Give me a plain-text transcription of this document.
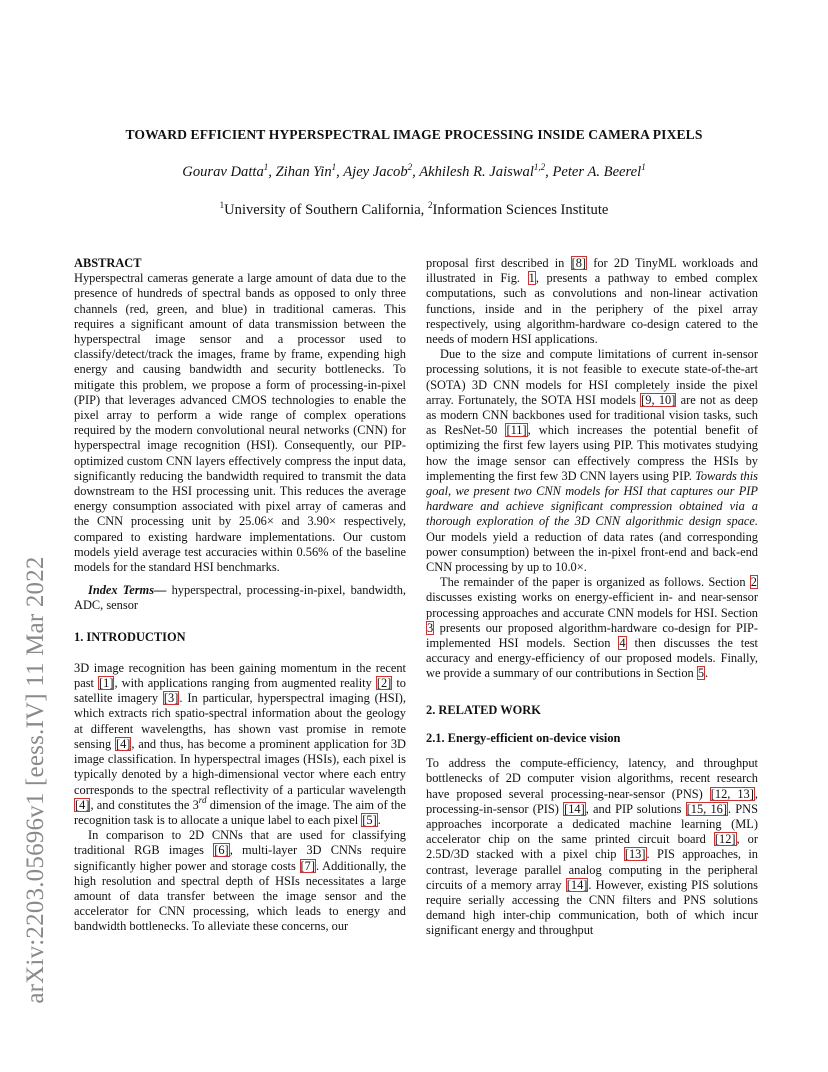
arXiv:2203.05696v1 [eess.IV] 11 Mar 2022
TOWARD EFFICIENT HYPERSPECTRAL IMAGE PROCESSING INSIDE CAMERA PIXELS
Gourav Datta$^1$, Zihan Yin$^1$, Ajey Jacob$^2$, Akhilesh R. Jaiswal$^{1,2}$, Peter A. Beerel$^1$
$^1$University of Southern California, $^2$Information Sciences Institute

ABSTRACT

Hyperspectral cameras generate a large amount of data due to the presence of hundreds of spectral bands as opposed to only three channels (red, green, and blue) in traditional cameras. This requires a significant amount of data transmission between the hyperspectral image sensor and a processor used to classify/detect/track the images, frame by frame, expending high energy and causing bandwidth and security bottlenecks. To mitigate this problem, we propose a form of processing-in-pixel (PIP) that leverages advanced CMOS technologies to enable the pixel array to perform a wide range of complex operations required by the modern convolutional neural networks (CNN) for hyperspectral image recognition (HSI). Consequently, our PIP-optimized custom CNN layers effectively compress the input data, significantly reducing the bandwidth required to transmit the data downstream to the HSI processing unit. This reduces the average energy consumption associated with pixel array of cameras and the CNN processing unit by 25.06× and 3.90× respectively, compared to existing hardware implementations. Our custom models yield average test accuracies within 0.56% of the baseline models for the standard HSI benchmarks.

Index Terms— hyperspectral, processing-in-pixel, bandwidth, ADC, sensor

1. INTRODUCTION

3D image recognition has been gaining momentum in the recent past [1], with applications ranging from augmented reality [2] to satellite imagery [3]. In particular, hyperspectral imaging (HSI), which extracts rich spatio-spectral information about the geology at different wavelengths, has shown vast promise in remote sensing [4], and thus, has become a prominent application for 3D image classification. In hyperspectral images (HSIs), each pixel is typically denoted by a high-dimensional vector where each entry corresponds to the spectral reflectivity of a particular wavelength [4], and constitutes the 3rd dimension of the image. The aim of the recognition task is to allocate a unique label to each pixel [5].

In comparison to 2D CNNs that are used for classifying traditional RGB images [6], multi-layer 3D CNNs require significantly higher power and storage costs [7]. Additionally, the high resolution and spectral depth of HSIs necessitates a large amount of data transfer between the image sensor and the accelerator for CNN processing, which leads to energy and bandwidth bottlenecks. To alleviate these concerns, our

proposal first described in [8] for 2D TinyML workloads and illustrated in Fig. 1, presents a pathway to embed complex computations, such as convolutions and non-linear activation functions, inside and in the periphery of the pixel array respectively, using algorithm-hardware co-design catered to the needs of modern HSI applications.

Due to the size and compute limitations of current in-sensor processing solutions, it is not feasible to execute state-of-the-art (SOTA) 3D CNN models for HSI completely inside the pixel array. Fortunately, the SOTA HSI models [9, 10] are not as deep as modern CNN backbones used for traditional vision tasks, such as ResNet-50 [11], which increases the potential benefit of optimizing the first few layers using PIP. This motivates studying how the image sensor can effectively compress the HSIs by implementing the first few 3D CNN layers using PIP. Towards this goal, we present two CNN models for HSI that captures our PIP hardware and achieve significant compression obtained via a thorough exploration of the 3D CNN algorithmic design space. Our models yield a reduction of data rates (and corresponding power consumption) between the in-pixel front-end and back-end CNN processing by up to 10.0×.

The remainder of the paper is organized as follows. Section 2 discusses existing works on energy-efficient in- and near-sensor processing approaches and accurate CNN models for HSI. Section 3 presents our proposed algorithm-hardware co-design for PIP-implemented HSI models. Section 4 then discusses the test accuracy and energy-efficiency of our proposed models. Finally, we provide a summary of our contributions in Section 5.

2. RELATED WORK

2.1. Energy-efficient on-device vision

To address the compute-efficiency, latency, and throughput bottlenecks of 2D computer vision algorithms, recent research have proposed several processing-near-sensor (PNS) [12, 13], processing-in-sensor (PIS) [14], and PIP solutions [15, 16]. PNS approaches incorporate a dedicated machine learning (ML) accelerator chip on the same printed circuit board [12], or 2.5D/3D stacked with a pixel chip [13]. PIS approaches, in contrast, leverage parallel analog computing in the peripheral circuits of a memory array [14]. However, existing PIS solutions require serially accessing the CNN filters and PNS solutions demand high inter-chip communication, both of which incur significant energy and throughput
